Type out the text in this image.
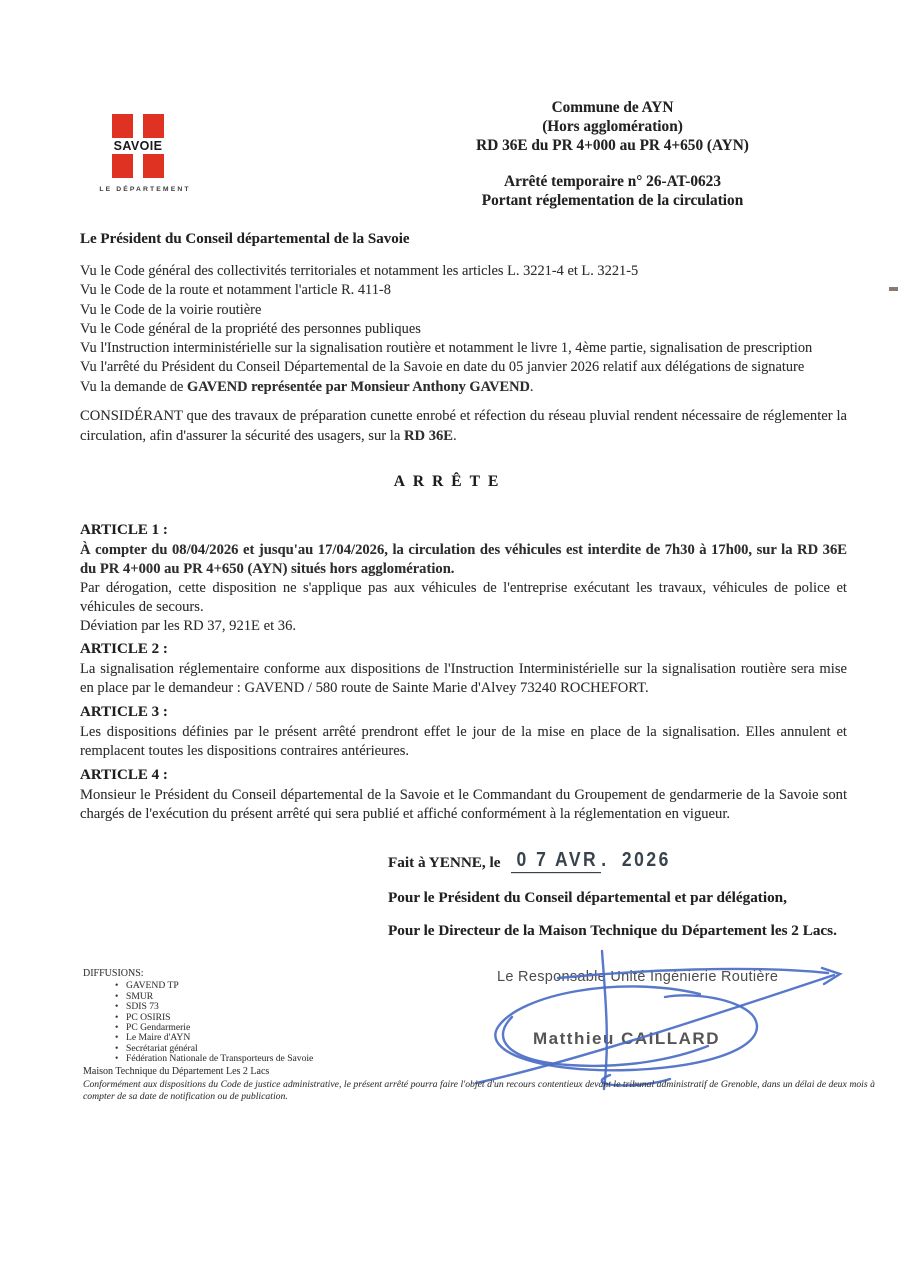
SAVOIE
LE DÉPARTEMENT
Commune de AYN
(Hors agglomération)
RD 36E du PR 4+000 au PR 4+650 (AYN)
Arrêté temporaire n° 26-AT-0623
Portant réglementation de la circulation
Le Président du Conseil départemental de la Savoie
Vu le Code général des collectivités territoriales et notamment les articles L. 3221-4 et L. 3221-5
Vu le Code de la route et notamment l'article R. 411-8
Vu le Code de la voirie routière
Vu le Code général de la propriété des personnes publiques
Vu l'Instruction interministérielle sur la signalisation routière et notamment le livre 1, 4ème partie, signalisation de prescription
Vu l'arrêté du Président du Conseil Départemental de la Savoie en date du 05 janvier 2026 relatif aux délégations de signature
Vu la demande de GAVEND représentée par Monsieur Anthony GAVEND.
CONSIDÉRANT que des travaux de préparation cunette enrobé et réfection du réseau pluvial rendent nécessaire de réglementer la circulation, afin d'assurer la sécurité des usagers, sur la RD 36E.
ARRÊTE
ARTICLE 1 :
À compter du 08/04/2026 et jusqu'au 17/04/2026, la circulation des véhicules est interdite de 7h30 à 17h00, sur la RD 36E du PR 4+000 au PR 4+650 (AYN) situés hors agglomération.
Par dérogation, cette disposition ne s'applique pas aux véhicules de l'entreprise exécutant les travaux, véhicules de police et véhicules de secours.
Déviation par les RD 37, 921E et 36.
ARTICLE 2 :
La signalisation réglementaire conforme aux dispositions de l'Instruction Interministérielle sur la signalisation routière sera mise en place par le demandeur : GAVEND / 580 route de Sainte Marie d'Alvey 73240 ROCHEFORT.
ARTICLE 3 :
Les dispositions définies par le présent arrêté prendront effet le jour de la mise en place de la signalisation. Elles annulent et remplacent toutes les dispositions contraires antérieures.
ARTICLE 4 :
Monsieur le Président du Conseil départemental de la Savoie et le Commandant du Groupement de gendarmerie de la Savoie sont chargés de l'exécution du présent arrêté qui sera publié et affiché conformément à la réglementation en vigueur.
Fait à YENNE, le 0 7 AVR . 2026
Pour le Président du Conseil départemental et par délégation,
Pour le Directeur de la Maison Technique du Département les 2 Lacs.
Le Responsable Unité Ingénierie Routière
Matthieu CAILLARD
DIFFUSIONS:
• GAVEND TP
• SMUR
• SDIS 73
• PC OSIRIS
• PC Gendarmerie
• Le Maire d'AYN
• Secrétariat général
• Fédération Nationale de Transporteurs de Savoie
Maison Technique du Département Les 2 Lacs
Conformément aux dispositions du Code de justice administrative, le présent arrêté pourra faire l'objet d'un recours contentieux devant le tribunal administratif de Grenoble, dans un délai de deux mois à compter de sa date de notification ou de publication.
